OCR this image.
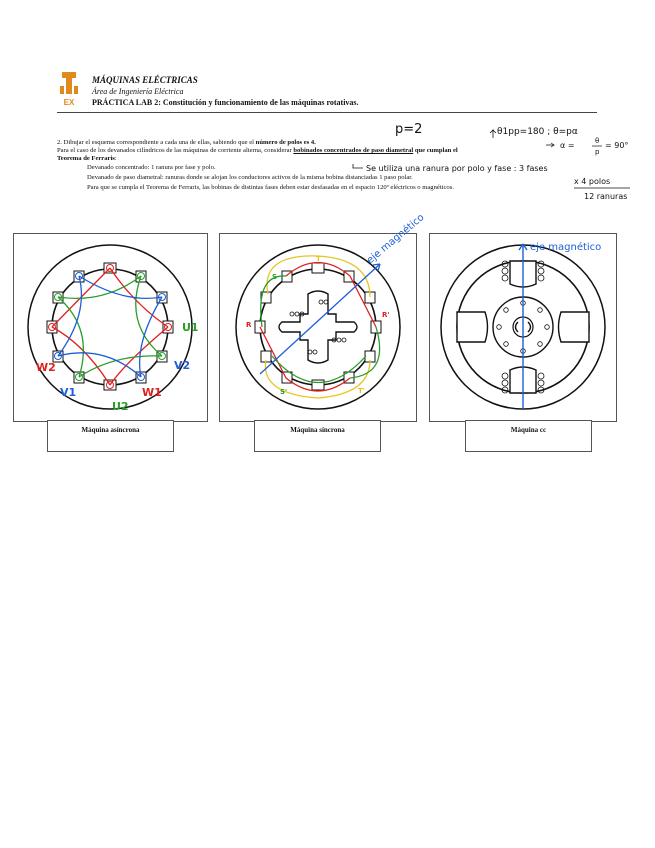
EX
MÁQUINAS ELÉCTRICAS
Área de Ingeniería Eléctrica
PRÁCTICA LAB 2: Constitución y funcionamiento de las máquinas rotativas.
2. Dibujar el esquema correspondiente a cada una de ellas, sabiendo que el número de polos es 4.
Para el caso de los devanados cilíndricos de las máquinas de corriente alterna, considerar bobinados concentrados de paso diametral que cumplan el
Teorema de Ferraris:
Devanado concentrado: 1 ranura por fase y polo.
Devanado de paso diametral: ranuras donde se alojan los conductores activos de la misma bobina distanciadas 1 paso polar.
Para que se cumpla el Teorema de Ferraris, las bobinas de distintas fases deben estar desfasadas en el espacio 120º eléctricos o magnéticos.
p=2	θ1pp=180 ; θ=pα
α =	θ
p
= 90°
Se utiliza una ranura por polo y fase : 3 fases
x 4 polos
12 ranuras
U1
U2
V1
V2
W1
W2
Máquina asíncrona
eje magnético
R
R'
S'
S
T
T'
Máquina síncrona
eje magnético
Máquina cc
